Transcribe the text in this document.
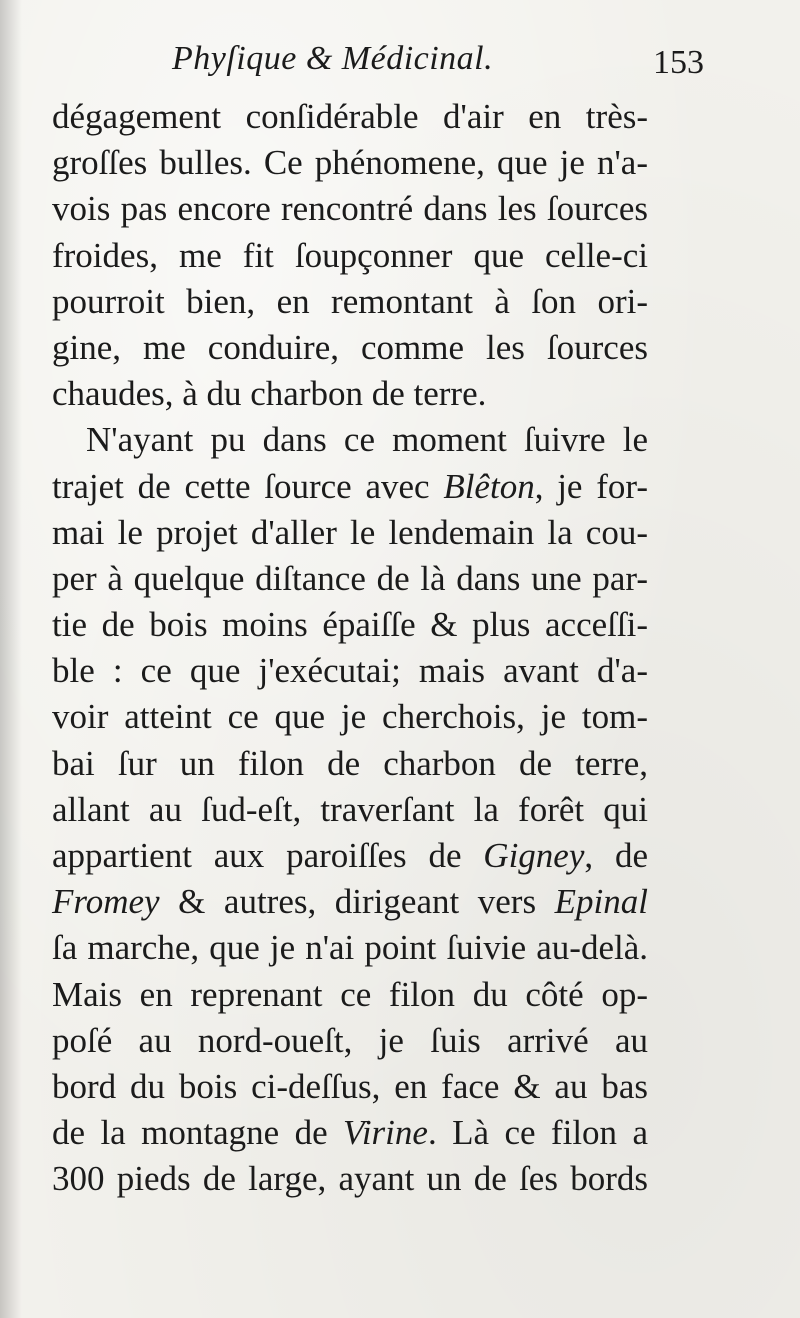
Phyſique & Médicinal.	153
dégagement conſidérable d'air en très-
groſſes bulles. Ce phénomene, que je n'a-
vois pas encore rencontré dans les ſources
froides, me fit ſoupçonner que celle-ci
pourroit bien, en remontant à ſon ori-
gine, me conduire, comme les ſources
chaudes, à du charbon de terre.
N'ayant pu dans ce moment ſuivre le
trajet de cette ſource avec Blêton, je for-
mai le projet d'aller le lendemain la cou-
per à quelque diſtance de là dans une par-
tie de bois moins épaiſſe & plus acceſſi-
ble : ce que j'exécutai; mais avant d'a-
voir atteint ce que je cherchois, je tom-
bai ſur un filon de charbon de terre,
allant au ſud-eſt, traverſant la forêt qui
appartient aux paroiſſes de Gigney, de
Fromey & autres, dirigeant vers Epinal
ſa marche, que je n'ai point ſuivie au-delà.
Mais en reprenant ce filon du côté op-
poſé au nord-oueſt, je ſuis arrivé au
bord du bois ci-deſſus, en face & au bas
de la montagne de Virine. Là ce filon a
300 pieds de large, ayant un de ſes bords
